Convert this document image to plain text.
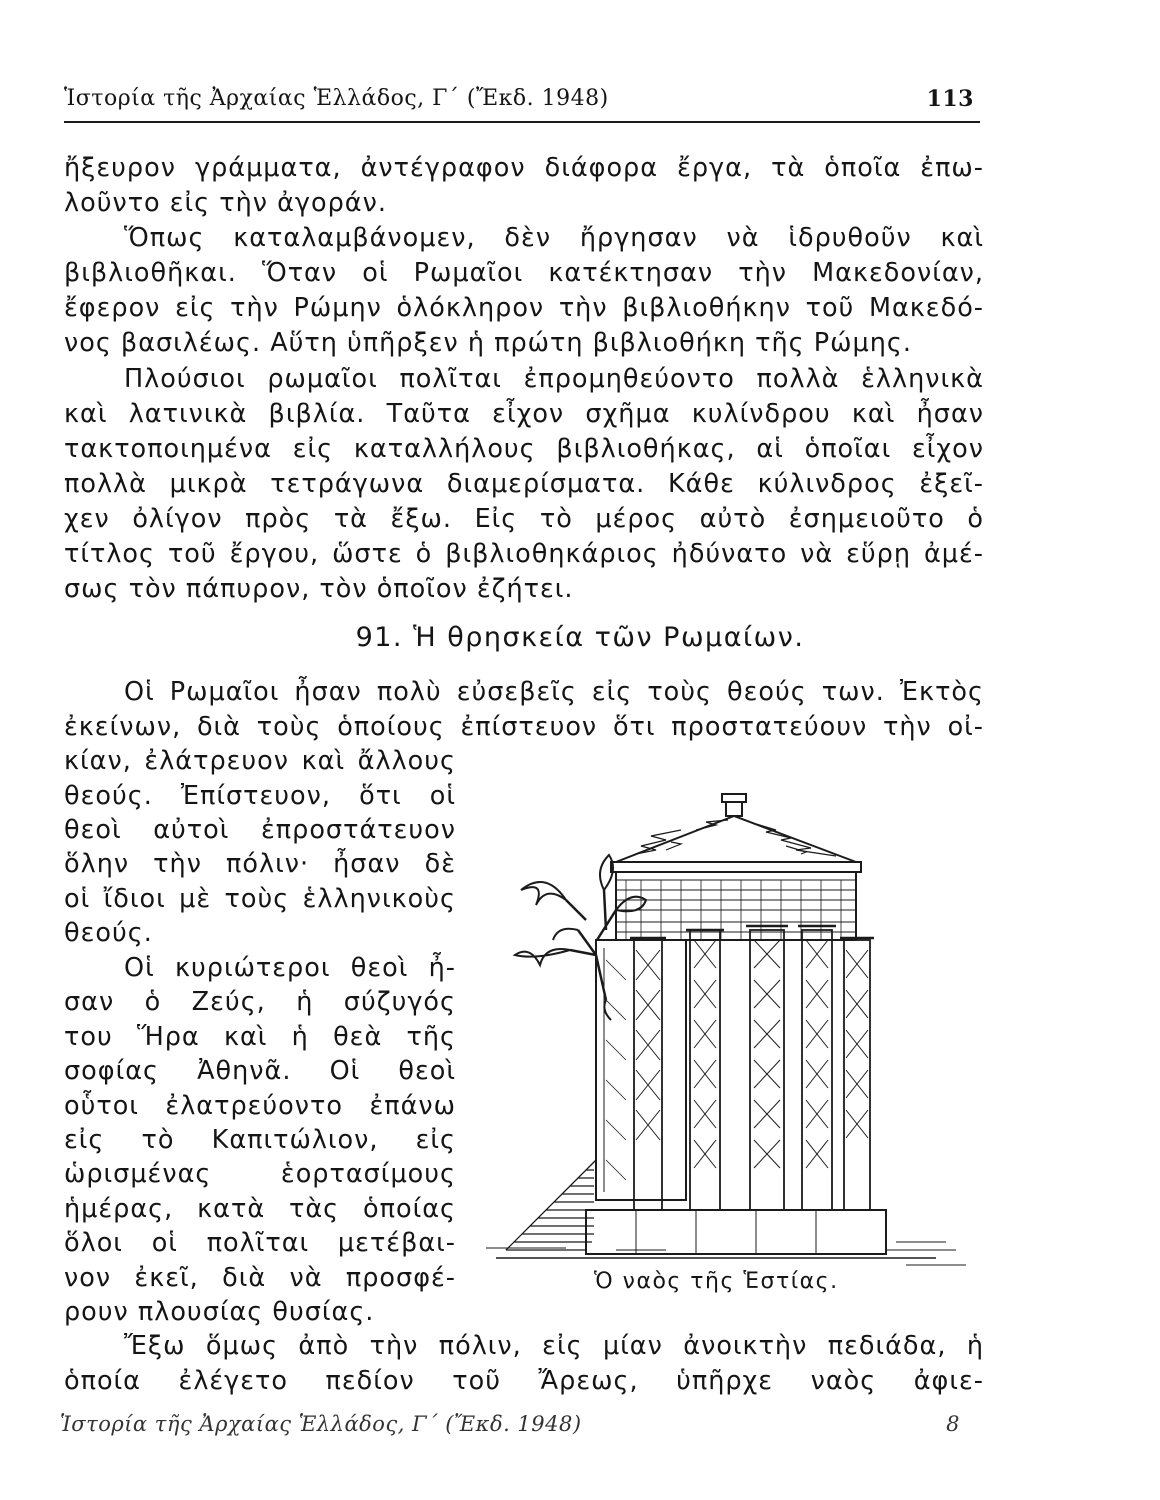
Ἱστορία τῆς Ἀρχαίας Ἑλλάδος, Γ΄ (Ἔκδ. 1948)	113
ἤξευρον γράμματα, ἀντέγραφον διάφορα ἔργα, τὰ ὁποῖα ἐπω-
λοῦντο εἰς τὴν ἀγοράν.
Ὅπως καταλαμβάνομεν, δὲν ἤργησαν νὰ ἱδρυθοῦν καὶ
βιβλιοθῆκαι. Ὅταν οἱ Ρωμαῖοι κατέκτησαν τὴν Μακεδονίαν,
ἔφερον εἰς τὴν Ρώμην ὁλόκληρον τὴν βιβλιοθήκην τοῦ Μακεδό-
νος βασιλέως. Αὕτη ὑπῆρξεν ἡ πρώτη βιβλιοθήκη τῆς Ρώμης.
Πλούσιοι ρωμαῖοι πολῖται ἐπρομηθεύοντο πολλὰ ἑλληνικὰ
καὶ λατινικὰ βιβλία. Ταῦτα εἶχον σχῆμα κυλίνδρου καὶ ἦσαν
τακτοποιημένα εἰς καταλλήλους βιβλιοθήκας, αἱ ὁποῖαι εἶχον
πολλὰ μικρὰ τετράγωνα διαμερίσματα. Κάθε κύλινδρος ἐξεῖ-
χεν ὀλίγον πρὸς τὰ ἔξω. Εἰς τὸ μέρος αὐτὸ ἐσημειοῦτο ὁ
τίτλος τοῦ ἔργου, ὥστε ὁ βιβλιοθηκάριος ἠδύνατο νὰ εὕρῃ ἀμέ-
σως τὸν πάπυρον, τὸν ὁποῖον ἐζήτει.
91. Ἡ θρησκεία τῶν Ρωμαίων.
Οἱ Ρωμαῖοι ἦσαν πολὺ εὐσεβεῖς εἰς τοὺς θεούς των. Ἐκτὸς
ἐκείνων, διὰ τοὺς ὁποίους ἐπίστευον ὅτι προστατεύουν τὴν οἰ-
κίαν, ἐλάτρευον καὶ ἄλλους
θεούς. Ἐπίστευον, ὅτι οἱ
θεοὶ αὐτοὶ ἐπροστάτευον
ὅλην τὴν πόλιν· ἦσαν δὲ
οἱ ἴδιοι μὲ τοὺς ἑλληνικοὺς
θεούς.
Οἱ κυριώτεροι θεοὶ ἦ-
σαν ὁ Ζεύς, ἡ σύζυγός
του Ἥρα καὶ ἡ θεὰ τῆς
σοφίας Ἀθηνᾶ. Οἱ θεοὶ
οὗτοι ἐλατρεύοντο ἐπάνω
εἰς τὸ Καπιτώλιον, εἰς
ὡρισμένας ἑορτασίμους
ἡμέρας, κατὰ τὰς ὁποίας
ὅλοι οἱ πολῖται μετέβαι-
νον ἐκεῖ, διὰ νὰ προσφέ-
ρουν πλουσίας θυσίας.
Ἔξω ὅμως ἀπὸ τὴν πόλιν, εἰς μίαν ἀνοικτὴν πεδιάδα, ἡ
ὁποία ἐλέγετο πεδίον τοῦ Ἄρεως, ὑπῆρχε ναὸς ἀφιε-
Ὁ ναὸς τῆς Ἑστίας.
Ἱστορία τῆς Ἀρχαίας Ἑλλάδος, Γ΄ (Ἔκδ. 1948)	8
